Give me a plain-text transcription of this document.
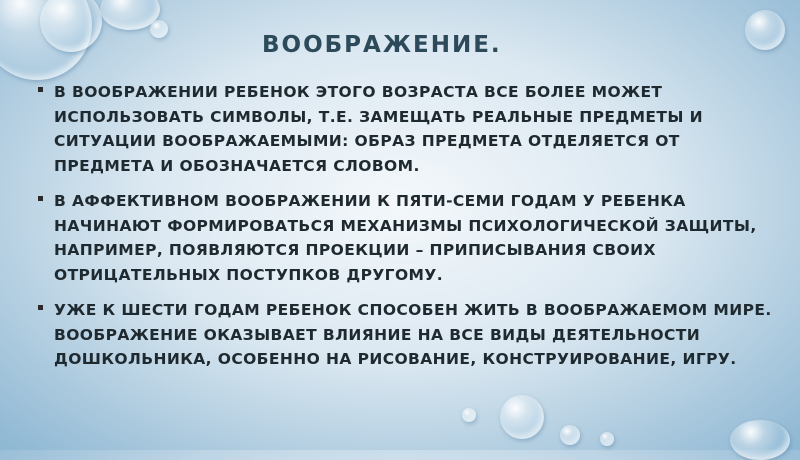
ВООБРАЖЕНИЕ.
В ВООБРАЖЕНИИ РЕБЕНОК ЭТОГО ВОЗРАСТА ВСЕ БОЛЕЕ МОЖЕТ ИСПОЛЬЗОВАТЬ СИМВОЛЫ, Т.Е. ЗАМЕЩАТЬ РЕАЛЬНЫЕ ПРЕДМЕТЫ И СИТУАЦИИ ВООБРАЖАЕМЫМИ: ОБРАЗ ПРЕДМЕТА ОТДЕЛЯЕТСЯ ОТ ПРЕДМЕТА И ОБОЗНАЧАЕТСЯ СЛОВОМ.
В АФФЕКТИВНОМ ВООБРАЖЕНИИ К ПЯТИ-СЕМИ ГОДАМ У РЕБЕНКА НАЧИНАЮТ ФОРМИРОВАТЬСЯ МЕХАНИЗМЫ ПСИХОЛОГИЧЕСКОЙ ЗАЩИТЫ, НАПРИМЕР, ПОЯВЛЯЮТСЯ ПРОЕКЦИИ – ПРИПИСЫВАНИЯ СВОИХ ОТРИЦАТЕЛЬНЫХ ПОСТУПКОВ ДРУГОМУ.
УЖЕ К ШЕСТИ ГОДАМ РЕБЕНОК СПОСОБЕН ЖИТЬ В ВООБРАЖАЕМОМ МИРЕ. ВООБРАЖЕНИЕ ОКАЗЫВАЕТ ВЛИЯНИЕ НА ВСЕ ВИДЫ ДЕЯТЕЛЬНОСТИ ДОШКОЛЬНИКА, ОСОБЕННО НА РИСОВАНИЕ, КОНСТРУИРОВАНИЕ, ИГРУ.
